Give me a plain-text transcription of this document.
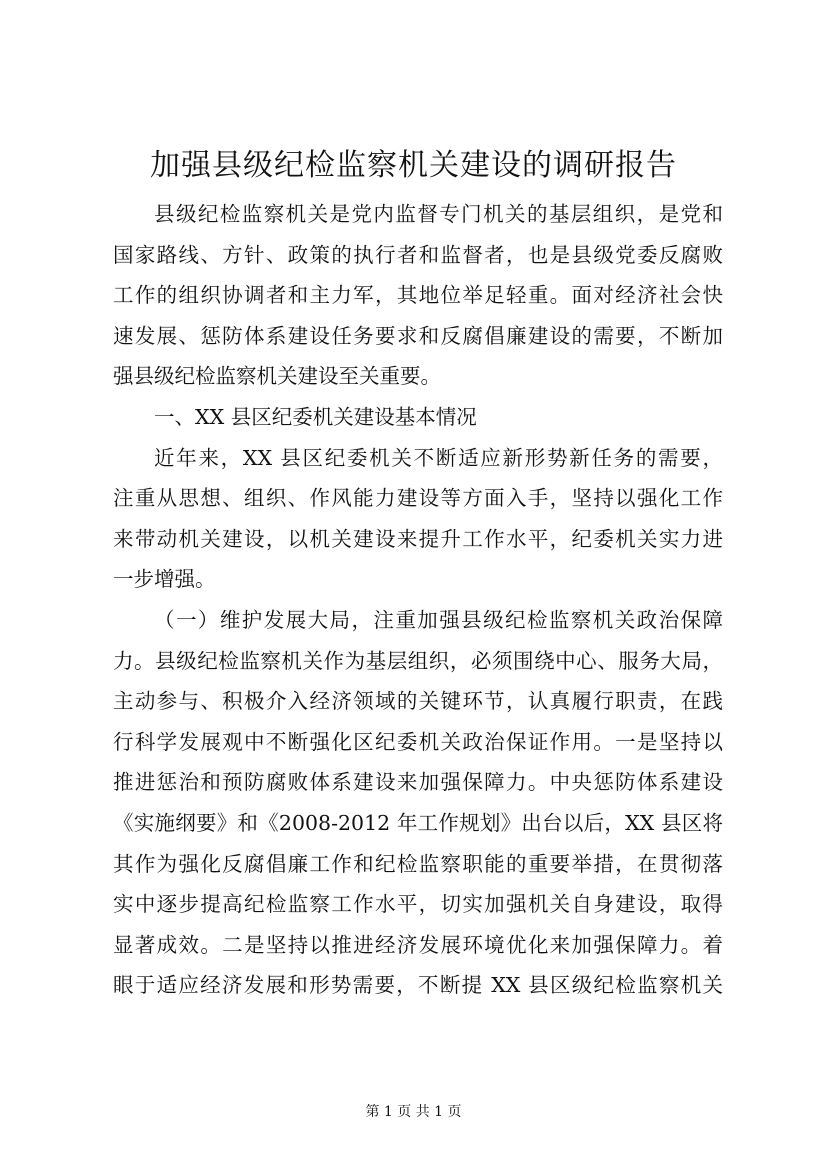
加强县级纪检监察机关建设的调研报告
县级纪检监察机关是党内监督专门机关的基层组织，是党和
国家路线、方针、政策的执行者和监督者，也是县级党委反腐败
工作的组织协调者和主力军，其地位举足轻重。面对经济社会快
速发展、惩防体系建设任务要求和反腐倡廉建设的需要，不断加
强县级纪检监察机关建设至关重要。
一、XX 县区纪委机关建设基本情况
近年来，XX 县区纪委机关不断适应新形势新任务的需要，
注重从思想、组织、作风能力建设等方面入手，坚持以强化工作
来带动机关建设，以机关建设来提升工作水平，纪委机关实力进
一步增强。
（一）维护发展大局，注重加强县级纪检监察机关政治保障
力。县级纪检监察机关作为基层组织，必须围绕中心、服务大局，
主动参与、积极介入经济领域的关键环节，认真履行职责，在践
行科学发展观中不断强化区纪委机关政治保证作用。一是坚持以
推进惩治和预防腐败体系建设来加强保障力。中央惩防体系建设
《实施纲要》和《2008-2012 年工作规划》出台以后，XX 县区将
其作为强化反腐倡廉工作和纪检监察职能的重要举措，在贯彻落
实中逐步提高纪检监察工作水平，切实加强机关自身建设，取得
显著成效。二是坚持以推进经济发展环境优化来加强保障力。着
眼于适应经济发展和形势需要，不断提 XX 县区级纪检监察机关
第 1 页 共 1 页
